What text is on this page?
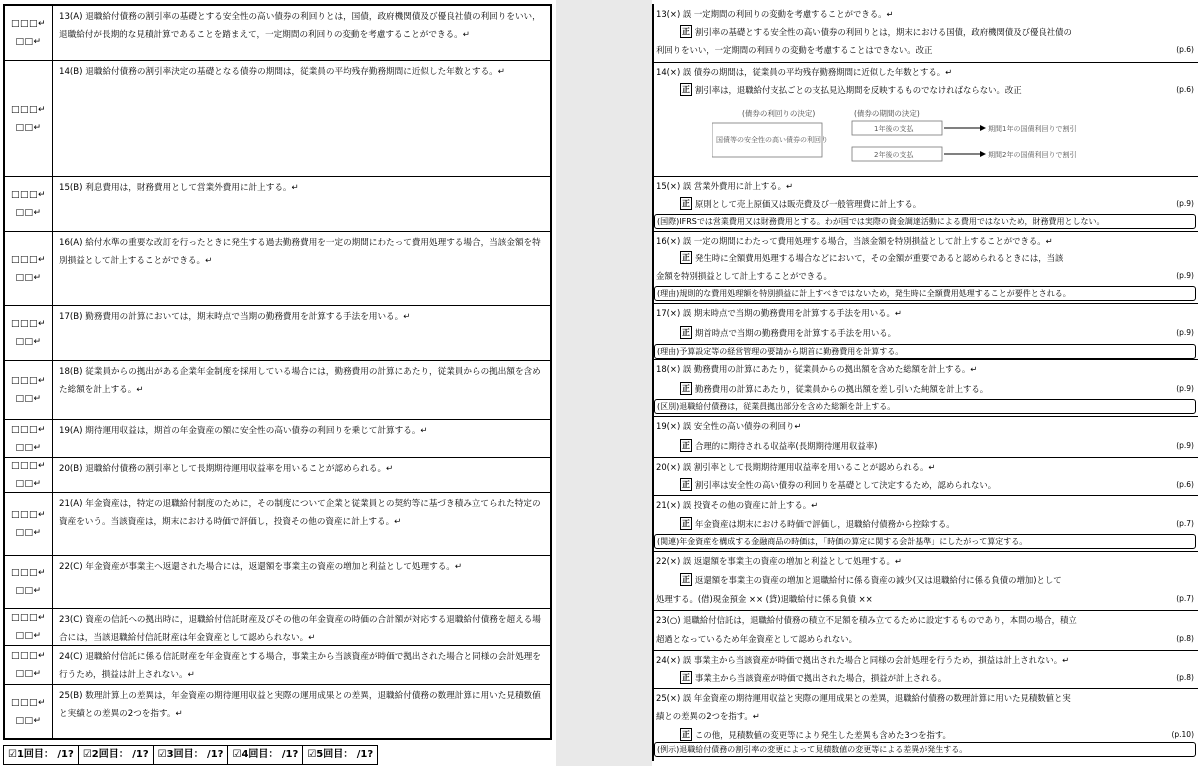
□□□↵
□□↵
13(A) 退職給付債務の割引率の基礎とする安全性の高い債券の利回りとは，国債，政府機関債及び優良社債の利回りをいい，退職給付が長期的な見積計算であることを踏まえて，一定期間の利回りの変動を考慮することができる。↵
□□□↵
□□↵
14(B) 退職給付債務の割引率決定の基礎となる債券の期間は，従業員の平均残存勤務期間に近似した年数とする。↵
□□□↵
□□↵
15(B) 利息費用は，財務費用として営業外費用に計上する。↵
□□□↵
□□↵
16(A) 給付水準の重要な改訂を行ったときに発生する過去勤務費用を一定の期間にわたって費用処理する場合，当該金額を特別損益として計上することができる。↵
□□□↵
□□↵
17(B) 勤務費用の計算においては，期末時点で当期の勤務費用を計算する手法を用いる。↵
□□□↵
□□↵
18(B) 従業員からの拠出がある企業年金制度を採用している場合には，勤務費用の計算にあたり，従業員からの拠出額を含めた総額を計上する。↵
□□□↵
□□↵
19(A) 期待運用収益は，期首の年金資産の額に安全性の高い債券の利回りを乗じて計算する。↵
□□□↵
□□↵
20(B) 退職給付債務の割引率として長期期待運用収益率を用いることが認められる。↵
□□□↵
□□↵
21(A) 年金資産は，特定の退職給付制度のために，その制度について企業と従業員との契約等に基づき積み立てられた特定の資産をいう。当該資産は，期末における時価で評価し，投資その他の資産に計上する。↵
□□□↵
□□↵
22(C) 年金資産が事業主へ返還された場合には，返還額を事業主の資産の増加と利益として処理する。↵
□□□↵
□□↵
23(C) 資産の信託への拠出時に，退職給付信託財産及びその他の年金資産の時価の合計額が対応する退職給付債務を超える場合には，当該退職給付信託財産は年金資産として認められない。↵
□□□↵
□□↵
24(C) 退職給付信託に係る信託財産を年金資産とする場合，事業主から当該資産が時価で拠出された場合と同様の会計処理を行うため，損益は計上されない。↵
□□□↵
□□↵
25(B) 数理計算上の差異は，年金資産の期待運用収益と実際の運用成果との差異，退職給付債務の数理計算に用いた見積数値と実績との差異の2つを指す。↵
☑1回目： /1? ☑2回目： /1? ☑3回目： /1? ☑4回目： /1? ☑5回目： /1?
(債券の利回りの決定)	(債券の期間の決定)
国債等の安全性の高い債券の利回り
1年後の支払	期間1年の国債利回りで割引
2年後の支払	期間2年の国債利回りで割引
13(×) 誤 一定期間の利回りの変動を考慮することができる。↵
正 割引率の基礎とする安全性の高い債券の利回りとは，期末における国債，政府機関債及び優良社債の
利回りをいい，一定期間の利回りの変動を考慮することはできない。改正	(p.6)
14(×) 誤 債券の期間は，従業員の平均残存勤務期間に近似した年数とする。↵
正 割引率は，退職給付支払ごとの支払見込期間を反映するものでなければならない。改正	(p.6)
15(×) 誤 営業外費用に計上する。↵
正 原則として売上原価又は販売費及び一般管理費に計上する。	(p.9)
16(×) 誤 一定の期間にわたって費用処理する場合，当該金額を特別損益として計上することができる。↵
正 発生時に全額費用処理する場合などにおいて，その金額が重要であると認められるときには，当該
金額を特別損益として計上することができる。	(p.9)
17(×) 誤 期末時点で当期の勤務費用を計算する手法を用いる。↵
正 期首時点で当期の勤務費用を計算する手法を用いる。	(p.9)
18(×) 誤 勤務費用の計算にあたり，従業員からの拠出額を含めた総額を計上する。↵
正 勤務費用の計算にあたり，従業員からの拠出額を差し引いた純額を計上する。	(p.9)
19(×) 誤 安全性の高い債券の利回り↵
正 合理的に期待される収益率(長期期待運用収益率)	(p.9)
20(×) 誤 割引率として長期期待運用収益率を用いることが認められる。↵
正 割引率は安全性の高い債券の利回りを基礎として決定するため，認められない。	(p.6)
21(×) 誤 投資その他の資産に計上する。↵
正 年金資産は期末における時価で評価し，退職給付債務から控除する。	(p.7)
22(×) 誤 返還額を事業主の資産の増加と利益として処理する。↵
正 返還額を事業主の資産の増加と退職給付に係る資産の減少(又は退職給付に係る負債の増加)として
処理する。(借)現金預金 ×× (貸)退職給付に係る負債 ××	(p.7)
23(○) 退職給付信託は，退職給付債務の積立不足額を積み立てるために設定するものであり，本問の場合，積立
超過となっているため年金資産として認められない。	(p.8)
24(×) 誤 事業主から当該資産が時価で拠出された場合と同様の会計処理を行うため，損益は計上されない。↵
正 事業主から当該資産が時価で拠出された場合，損益が計上される。	(p.8)
25(×) 誤 年金資産の期待運用収益と実際の運用成果との差異，退職給付債務の数理計算に用いた見積数値と実
績との差異の2つを指す。↵
正 この他，見積数値の変更等により発生した差異も含めた3つを指す。	(p.10)
(国際)IFRSでは営業費用又は財務費用とする。わが国では実際の資金調達活動による費用ではないため，財務費用としない。
(理由)規則的な費用処理額を特別損益に計上すべきではないため，発生時に全額費用処理することが要件とされる。
(理由)予算設定等の経営管理の要請から期首に勤務費用を計算する。
(区別)退職給付債務は，従業員拠出部分を含めた総額を計上する。
(関連)年金資産を構成する金融商品の時価は，「時価の算定に関する会計基準」にしたがって算定する。
(例示)退職給付債務の割引率の変更によって見積数値の変更等による差異が発生する。
